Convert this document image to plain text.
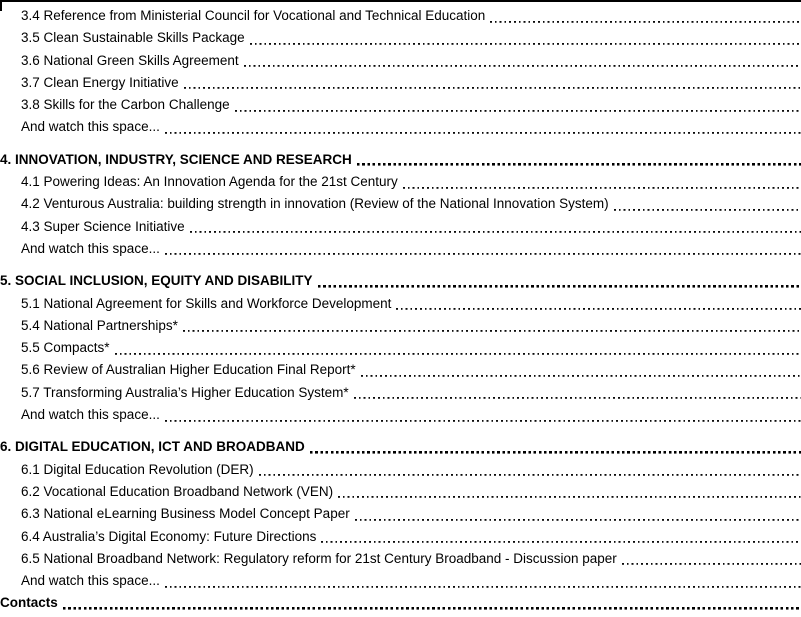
3.4 Reference from Ministerial Council for Vocational and Technical Education
3.5 Clean Sustainable Skills Package
3.6 National Green Skills Agreement
3.7 Clean Energy Initiative
3.8 Skills for the Carbon Challenge
And watch this space...
4. INNOVATION, INDUSTRY, SCIENCE AND RESEARCH
4.1 Powering Ideas: An Innovation Agenda for the 21st Century
4.2 Venturous Australia: building strength in innovation (Review of the National Innovation System)
4.3 Super Science Initiative
And watch this space...
5. SOCIAL INCLUSION, EQUITY AND DISABILITY
5.1 National Agreement for Skills and Workforce Development
5.4 National Partnerships*
5.5 Compacts*
5.6 Review of Australian Higher Education Final Report*
5.7 Transforming Australia’s Higher Education System*
And watch this space...
6. DIGITAL EDUCATION, ICT AND BROADBAND
6.1 Digital Education Revolution (DER)
6.2 Vocational Education Broadband Network (VEN)
6.3 National eLearning Business Model Concept Paper
6.4 Australia’s Digital Economy: Future Directions
6.5 National Broadband Network: Regulatory reform for 21st Century Broadband - Discussion paper
And watch this space...
Contacts
